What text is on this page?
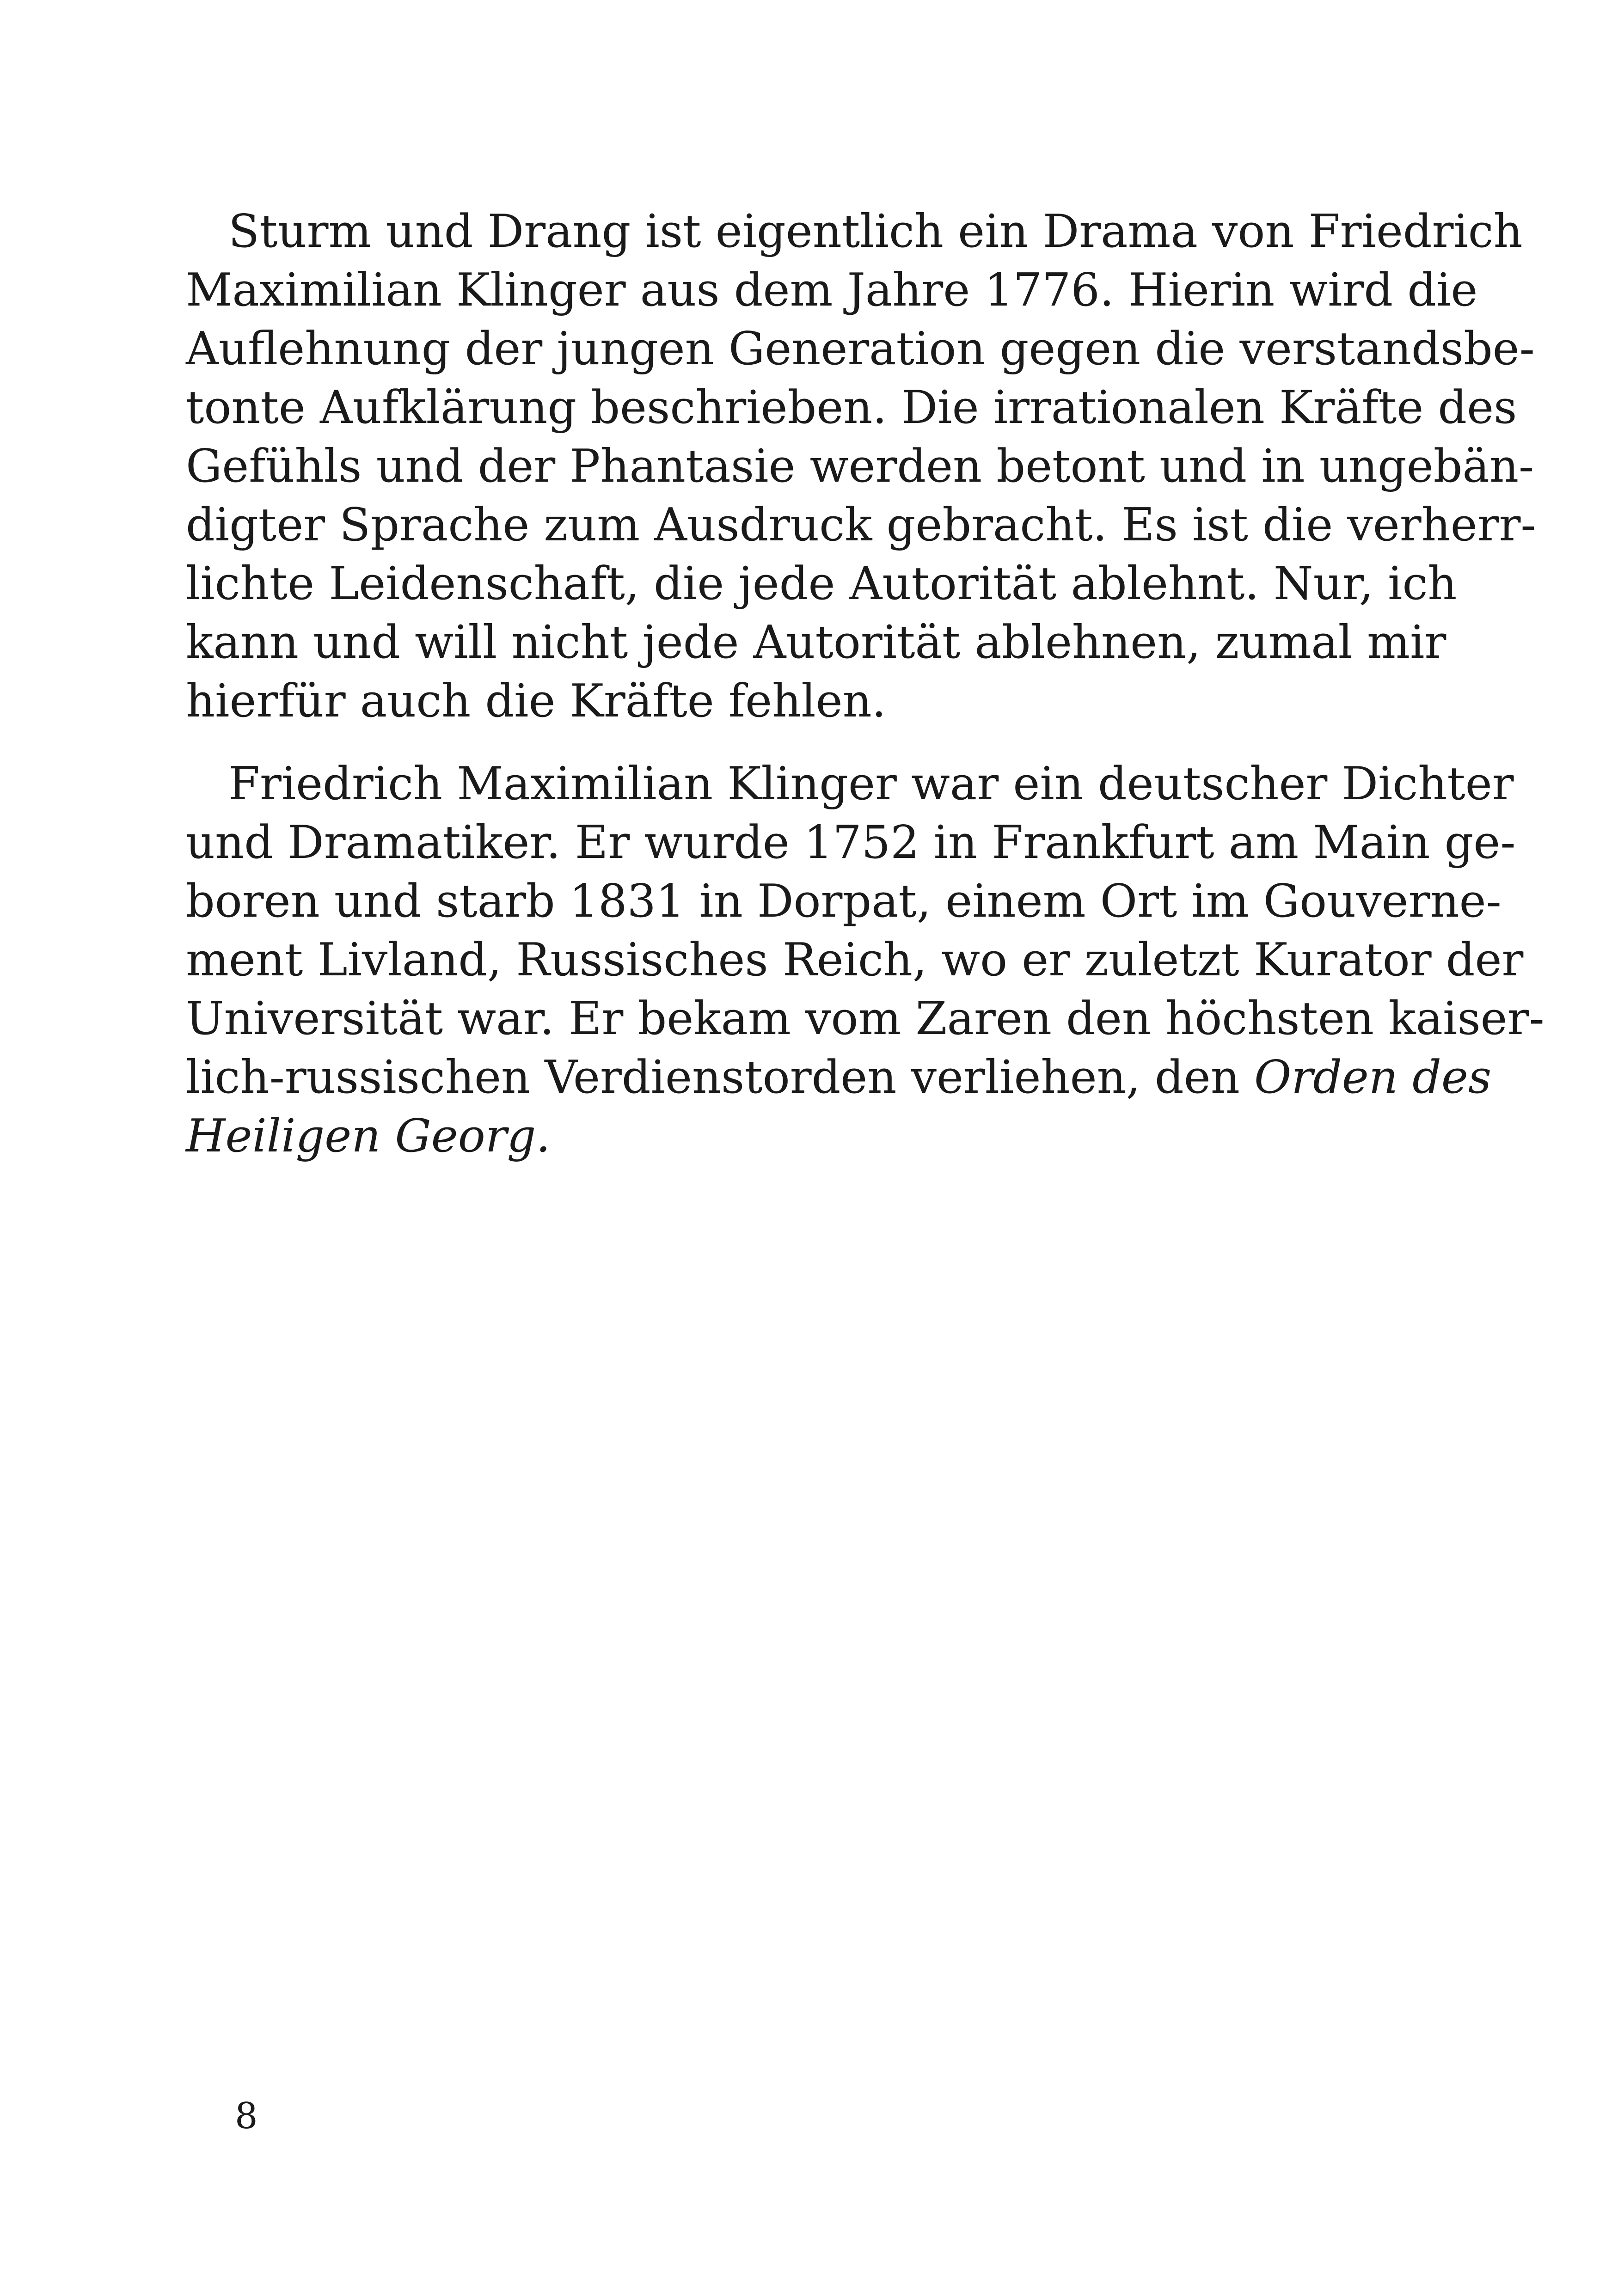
Sturm und Drang ist eigentlich ein Drama von Friedrich
Maximilian Klinger aus dem Jahre 1776. Hierin wird die
Auflehnung der jungen Generation gegen die verstandsbe-
tonte Aufklärung beschrieben. Die irrationalen Kräfte des
Gefühls und der Phantasie werden betont und in ungebän-
digter Sprache zum Ausdruck gebracht. Es ist die verherr-
lichte Leidenschaft, die jede Autorität ablehnt. Nur, ich
kann und will nicht jede Autorität ablehnen, zumal mir
hierfür auch die Kräfte fehlen.
Friedrich Maximilian Klinger war ein deutscher Dichter
und Dramatiker. Er wurde 1752 in Frankfurt am Main ge-
boren und starb 1831 in Dorpat, einem Ort im Gouverne-
ment Livland, Russisches Reich, wo er zuletzt Kurator der
Universität war. Er bekam vom Zaren den höchsten kaiser-
lich-russischen Verdienstorden verliehen, den Orden des
Heiligen Georg.
8
